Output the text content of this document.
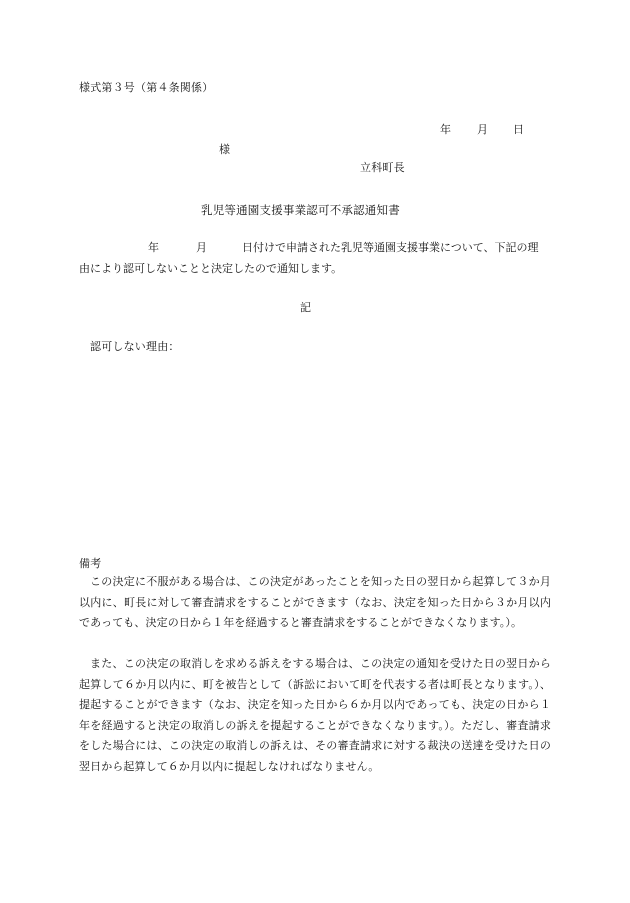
様式第３号（第４条関係）
年 月 日
様
立科町長
乳児等通園支援事業認可不承認通知書
年	月	日付けで申請された乳児等通園支援事業について、下記の理
由により認可しないことと決定したので通知します。
記
認可しない理由：
備考
この決定に不服がある場合は、この決定があったことを知った日の翌日から起算して３か月以内に、町長に対して審査請求をすることができます（なお、決定を知った日から３か月以内であっても、決定の日から１年を経過すると審査請求をすることができなくなります。）。
また、この決定の取消しを求める訴えをする場合は、この決定の通知を受けた日の翌日から起算して６か月以内に、町を被告として（訴訟において町を代表する者は町長となります。）、提起することができます（なお、決定を知った日から６か月以内であっても、決定の日から１年を経過すると決定の取消しの訴えを提起することができなくなります。）。ただし、審査請求をした場合には、この決定の取消しの訴えは、その審査請求に対する裁決の送達を受けた日の翌日から起算して６か月以内に提起しなければなりません。
